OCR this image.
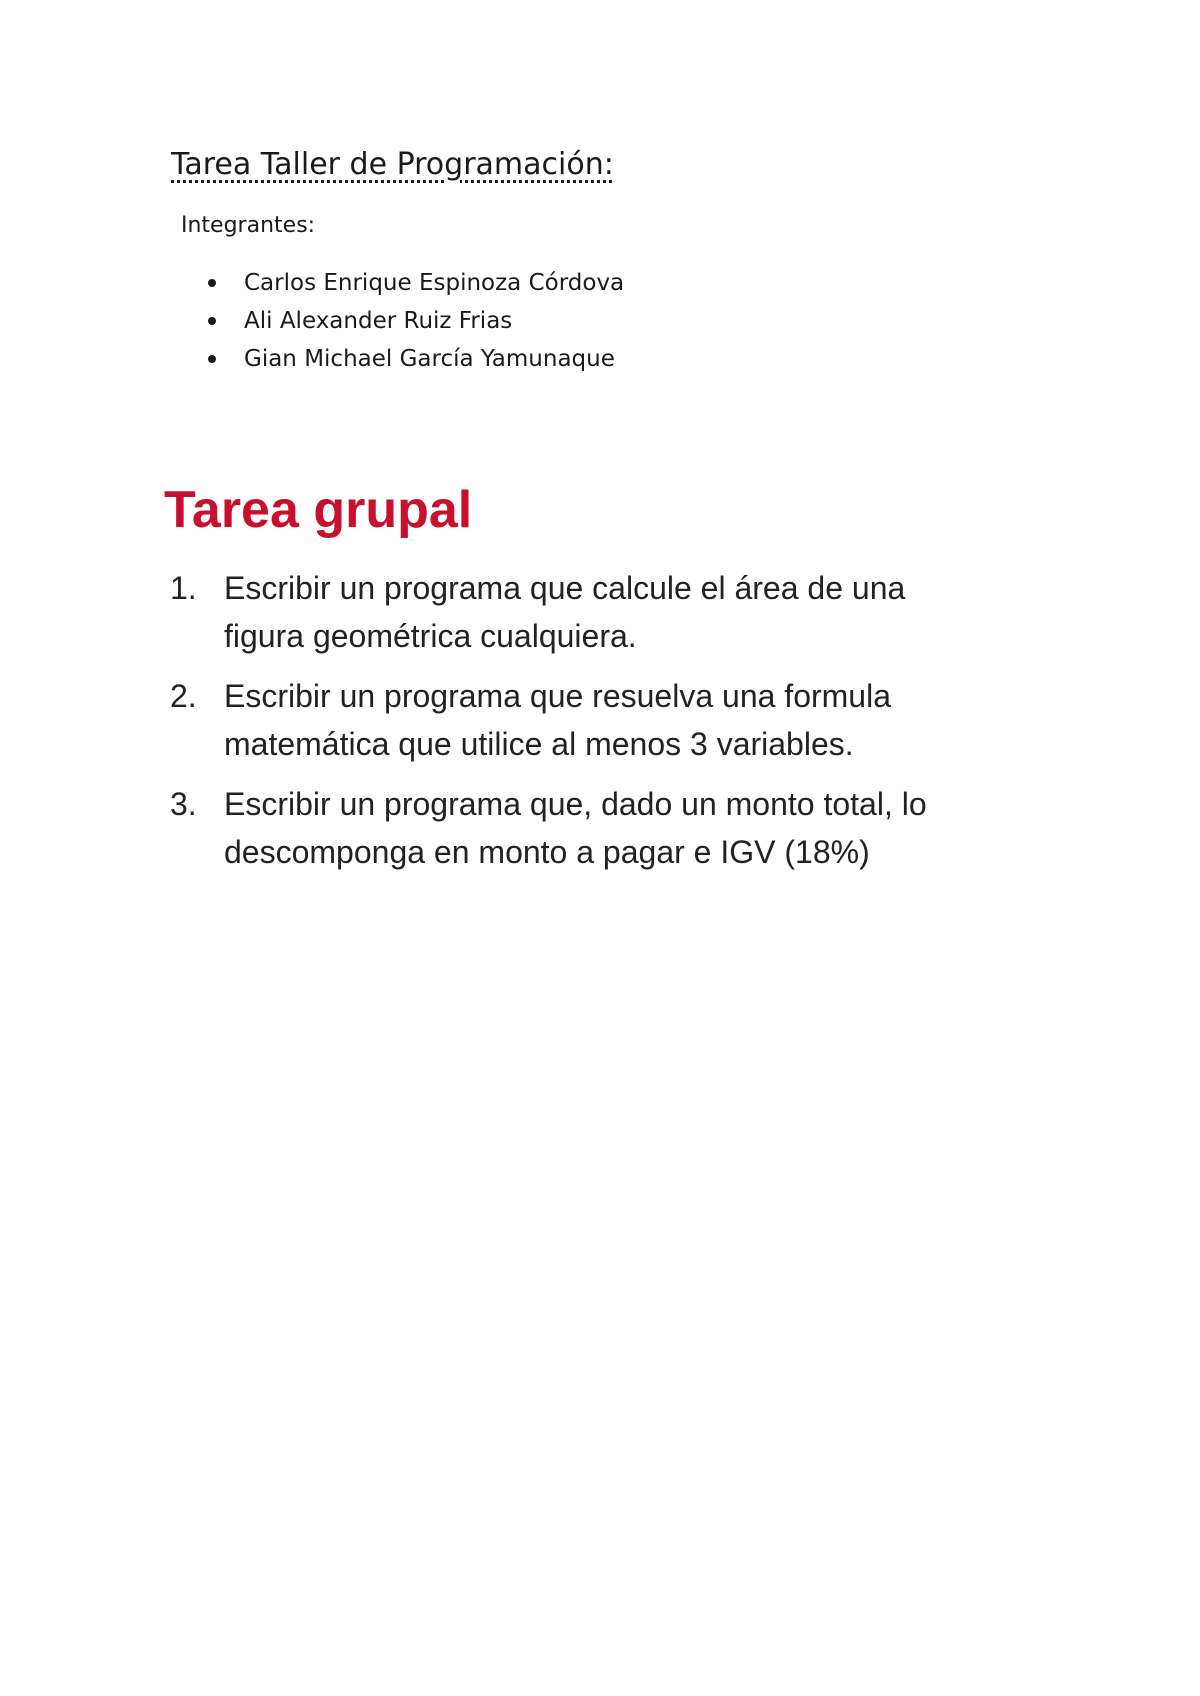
Tarea Taller de Programación:
Integrantes:
Carlos Enrique Espinoza Córdova
Ali Alexander Ruiz Frias
Gian Michael García Yamunaque
Tarea grupal
1. Escribir un programa que calcule el área de una figura geométrica cualquiera.
2. Escribir un programa que resuelva una formula matemática que utilice al menos 3 variables.
3. Escribir un programa que, dado un monto total, lo descomponga en monto a pagar e IGV (18%)
